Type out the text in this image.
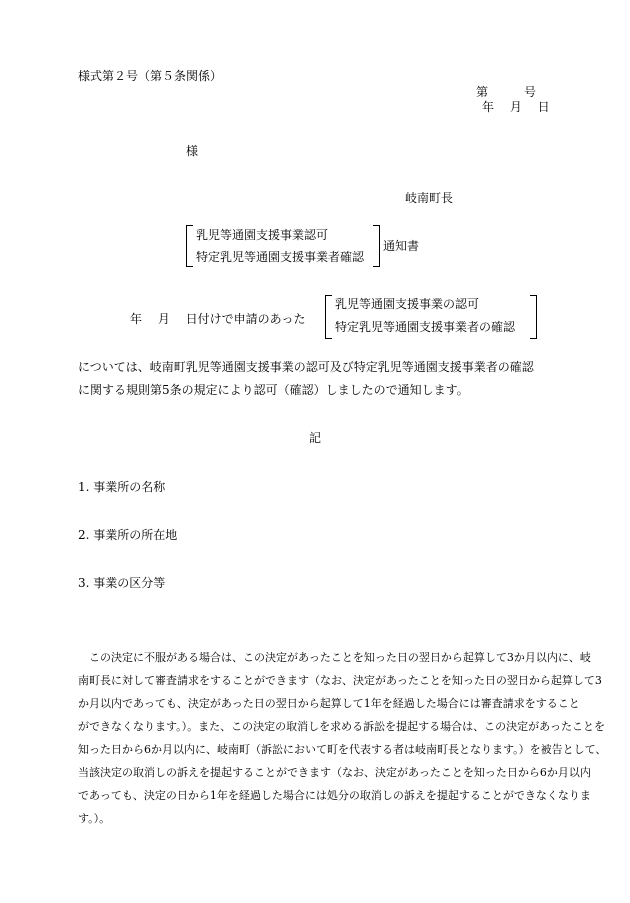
様式第２号（第５条関係）
第　　　号
年　 月　 日
様
岐南町長
乳児等通園支援事業認可
特定乳児等通園支援事業者確認
通知書
年　 月　 日付けで申請のあった
乳児等通園支援事業の認可
特定乳児等通園支援事業者の確認
については、岐南町乳児等通園支援事業の認可及び特定乳児等通園支援事業者の確認
に関する規則第5条の規定により認可（確認）しましたので通知します。
記
1. 事業所の名称
2. 事業所の所在地
3. 事業の区分等
　この決定に不服がある場合は、この決定があったことを知った日の翌日から起算して3か月以内に、岐
南町長に対して審査請求をすることができます（なお、決定があったことを知った日の翌日から起算して3
か月以内であっても、決定があった日の翌日から起算して1年を経過した場合には審査請求をすること
ができなくなります。）。また、この決定の取消しを求める訴訟を提起する場合は、この決定があったことを
知った日から6か月以内に、岐南町（訴訟において町を代表する者は岐南町長となります。）を被告として、
当該決定の取消しの訴えを提起することができます（なお、決定があったことを知った日から6か月以内
であっても、決定の日から1年を経過した場合には処分の取消しの訴えを提起することができなくなりま
す。）。
